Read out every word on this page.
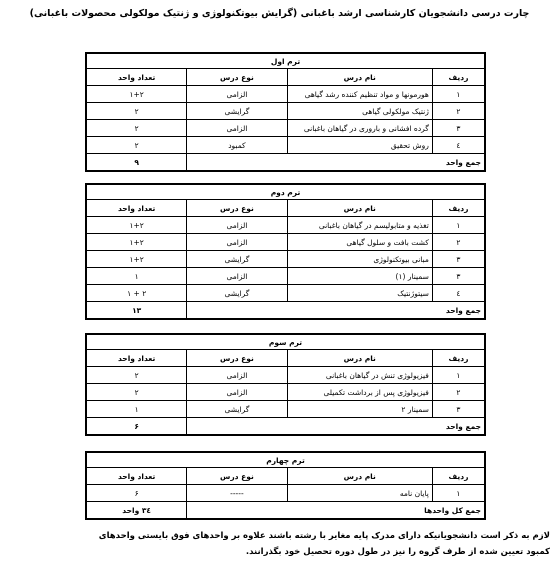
چارت درسی دانشجویان کارشناسی ارشد باغبانی (گرایش بیوتکنولوژی و ژنتیک مولکولی محصولات باغبانی)
ترم اول			
ردیف	نام درس	نوع درس	تعداد واحد
۱	هورمونها و مواد تنظیم کننده رشد گیاهی	الزامی	۱+۲
۲	ژنتیک مولکولی گیاهی	گرایشی	۲
۳	گرده افشانی و باروری در گیاهان باغبانی	الزامی	۲
٤	روش تحقیق	کمبود	۲
جمع واحد			۹
ترم دوم			
ردیف	نام درس	نوع درس	تعداد واحد
۱	تغذیه و متابولیسم در گیاهان باغبانی	الزامی	۱+۲
۲	کشت بافت و سلول گیاهی	الزامی	۱+۲
۳	مبانی بیوتکنولوژی	گرایشی	۱+۲
۳	سمینار (۱)	الزامی	۱
٤	سیتوژنتیک	گرایشی	۲ + ۱
جمع واحد			۱۳
ترم سوم			
ردیف	نام درس	نوع درس	تعداد واحد
۱	فیزیولوژی تنش در گیاهان باغبانی	الزامی	۲
۲	فیزیولوژی پس از برداشت تکمیلی	الزامی	۲
۳	سمینار ۲	گرایشی	۱
جمع واحد			۶
ترم چهارم			
ردیف	نام درس	نوع درس	تعداد واحد
۱	پایان نامه	-----	۶
جمع کل واحدها			۳٤ واحد
لازم به ذکر است دانشجویانیکه دارای مدرک پایه مغایر با رشته باشند علاوه بر واحدهای فوق بایستی واحدهای کمبود تعیین شده از طرف گروه را نیز در طول دوره تحصیل خود بگذرانند.
